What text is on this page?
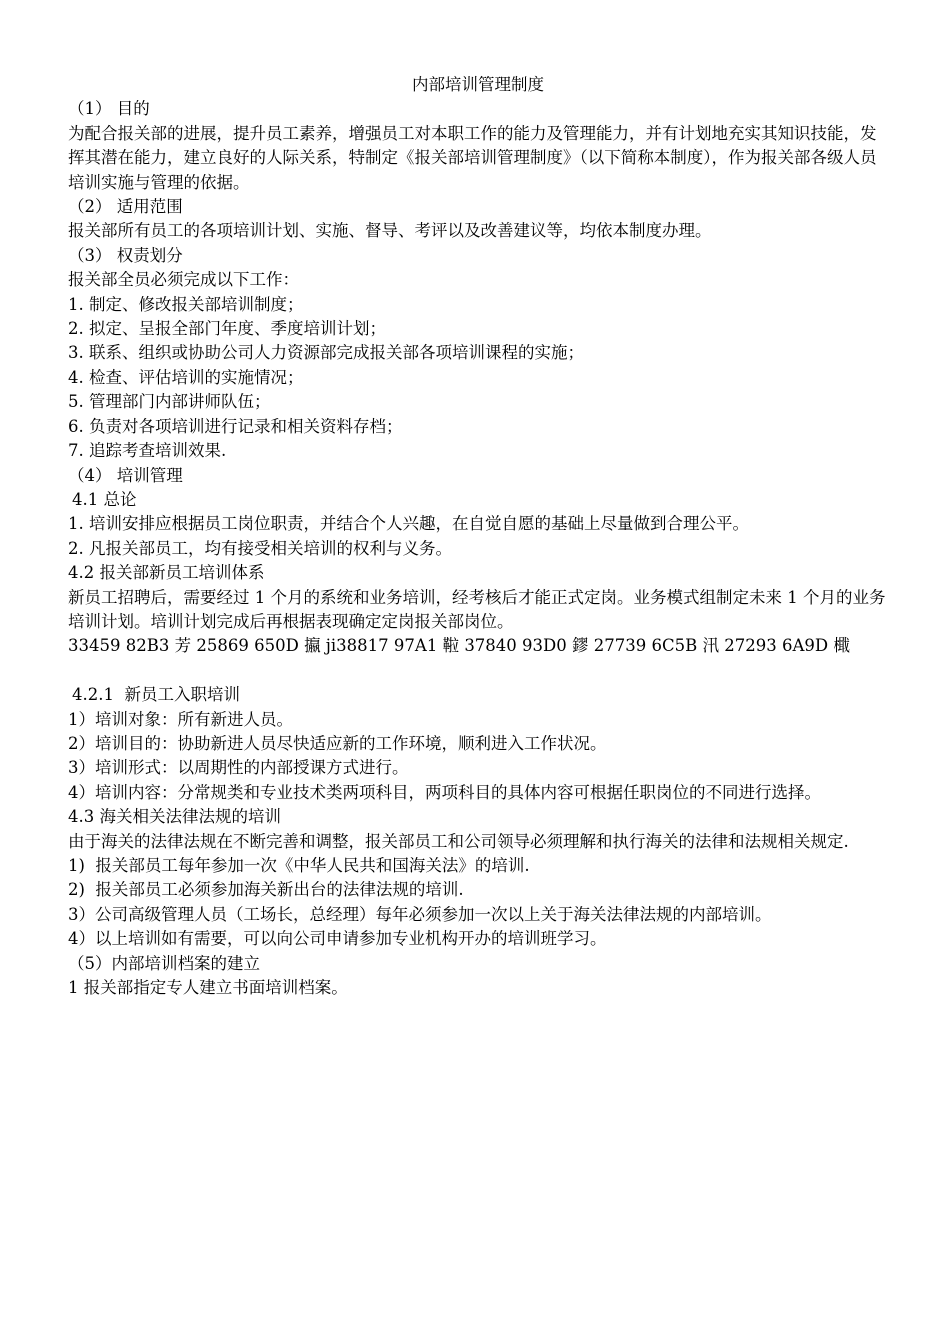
内部培训管理制度

（1） 目的

为配合报关部的进展，提升员工素养，增强员工对本职工作的能力及管理能力，并有计划地充实其知识技能，发挥其潜在能力，建立良好的人际关系，特制定《报关部培训管理制度》（以下简称本制度），作为报关部各级人员培训实施与管理的依据。

（2） 适用范围

报关部所有员工的各项培训计划、实施、督导、考评以及改善建议等，均依本制度办理。

（3） 权责划分

报关部全员必须完成以下工作：

1. 制定、修改报关部培训制度；

2. 拟定、呈报全部门年度、季度培训计划；

3. 联系、组织或协助公司人力资源部完成报关部各项培训课程的实施；

4. 检查、评估培训的实施情况；

5. 管理部门内部讲师队伍；

6. 负责对各项培训进行记录和相关资料存档；

7. 追踪考查培训效果.

（4） 培训管理

4.1 总论

1. 培训安排应根据员工岗位职责，并结合个人兴趣，在自觉自愿的基础上尽量做到合理公平。

2. 凡报关部员工，均有接受相关培训的权利与义务。

4.2 报关部新员工培训体系

新员工招聘后，需要经过 1 个月的系统和业务培训，经考核后才能正式定岗。业务模式组制定未来 1 个月的业务培训计划。培训计划完成后再根据表现确定定岗报关部岗位。

33459 82B3 芳 25869 650D 攍 ji38817 97A1 鞡 37840 93D0 鏐 27739 6C5B 汛 27293 6A9D 檝

4.2.1  新员工入职培训

1）培训对象：所有新进人员。

2）培训目的：协助新进人员尽快适应新的工作环境，顺利进入工作状况。

3）培训形式：以周期性的内部授课方式进行。

4）培训内容：分常规类和专业技术类两项科目，两项科目的具体内容可根据任职岗位的不同进行选择。

4.3 海关相关法律法规的培训

由于海关的法律法规在不断完善和调整，报关部员工和公司领导必须理解和执行海关的法律和法规相关规定.

1)  报关部员工每年参加一次《中华人民共和国海关法》的培训.

2)  报关部员工必须参加海关新出台的法律法规的培训.

3）公司高级管理人员（工场长，总经理）每年必须参加一次以上关于海关法律法规的内部培训。

4）以上培训如有需要，可以向公司申请参加专业机构开办的培训班学习。

（5）内部培训档案的建立

1 报关部指定专人建立书面培训档案。
